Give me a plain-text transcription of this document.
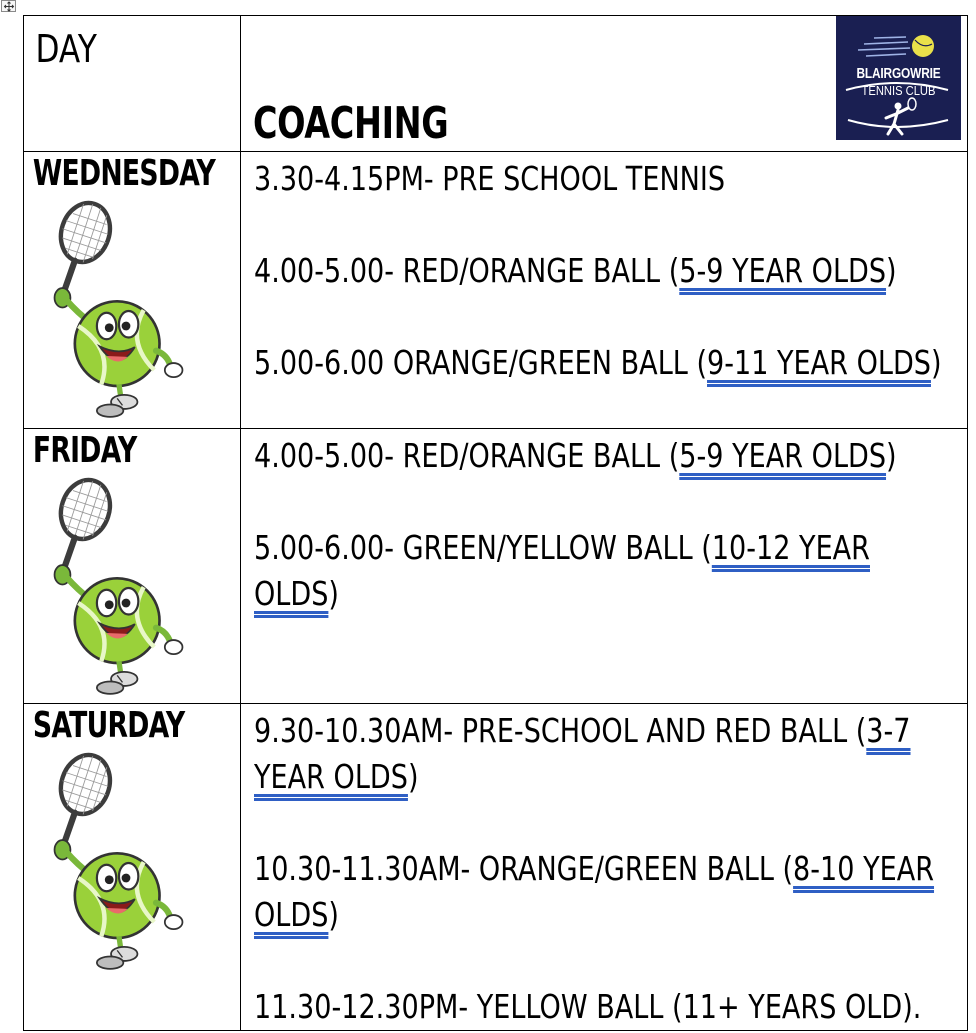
DAY	COACHING
BLAIRGOWRIE
TENNIS CLUB

WEDNESDAY	3.30-4.15PM- PRE SCHOOL TENNIS
4.00-5.00- RED/ORANGE BALL (5-9 YEAR OLDS)
5.00-6.00 ORANGE/GREEN BALL (9-11 YEAR OLDS)

FRIDAY	4.00-5.00- RED/ORANGE BALL (5-9 YEAR OLDS)
5.00-6.00- GREEN/YELLOW BALL (10-12 YEAR
OLDS)

SATURDAY	9.30-10.30AM- PRE-SCHOOL AND RED BALL (3-7
YEAR OLDS)
10.30-11.30AM- ORANGE/GREEN BALL (8-10 YEAR
OLDS)
11.30-12.30PM- YELLOW BALL (11+ YEARS OLD).
